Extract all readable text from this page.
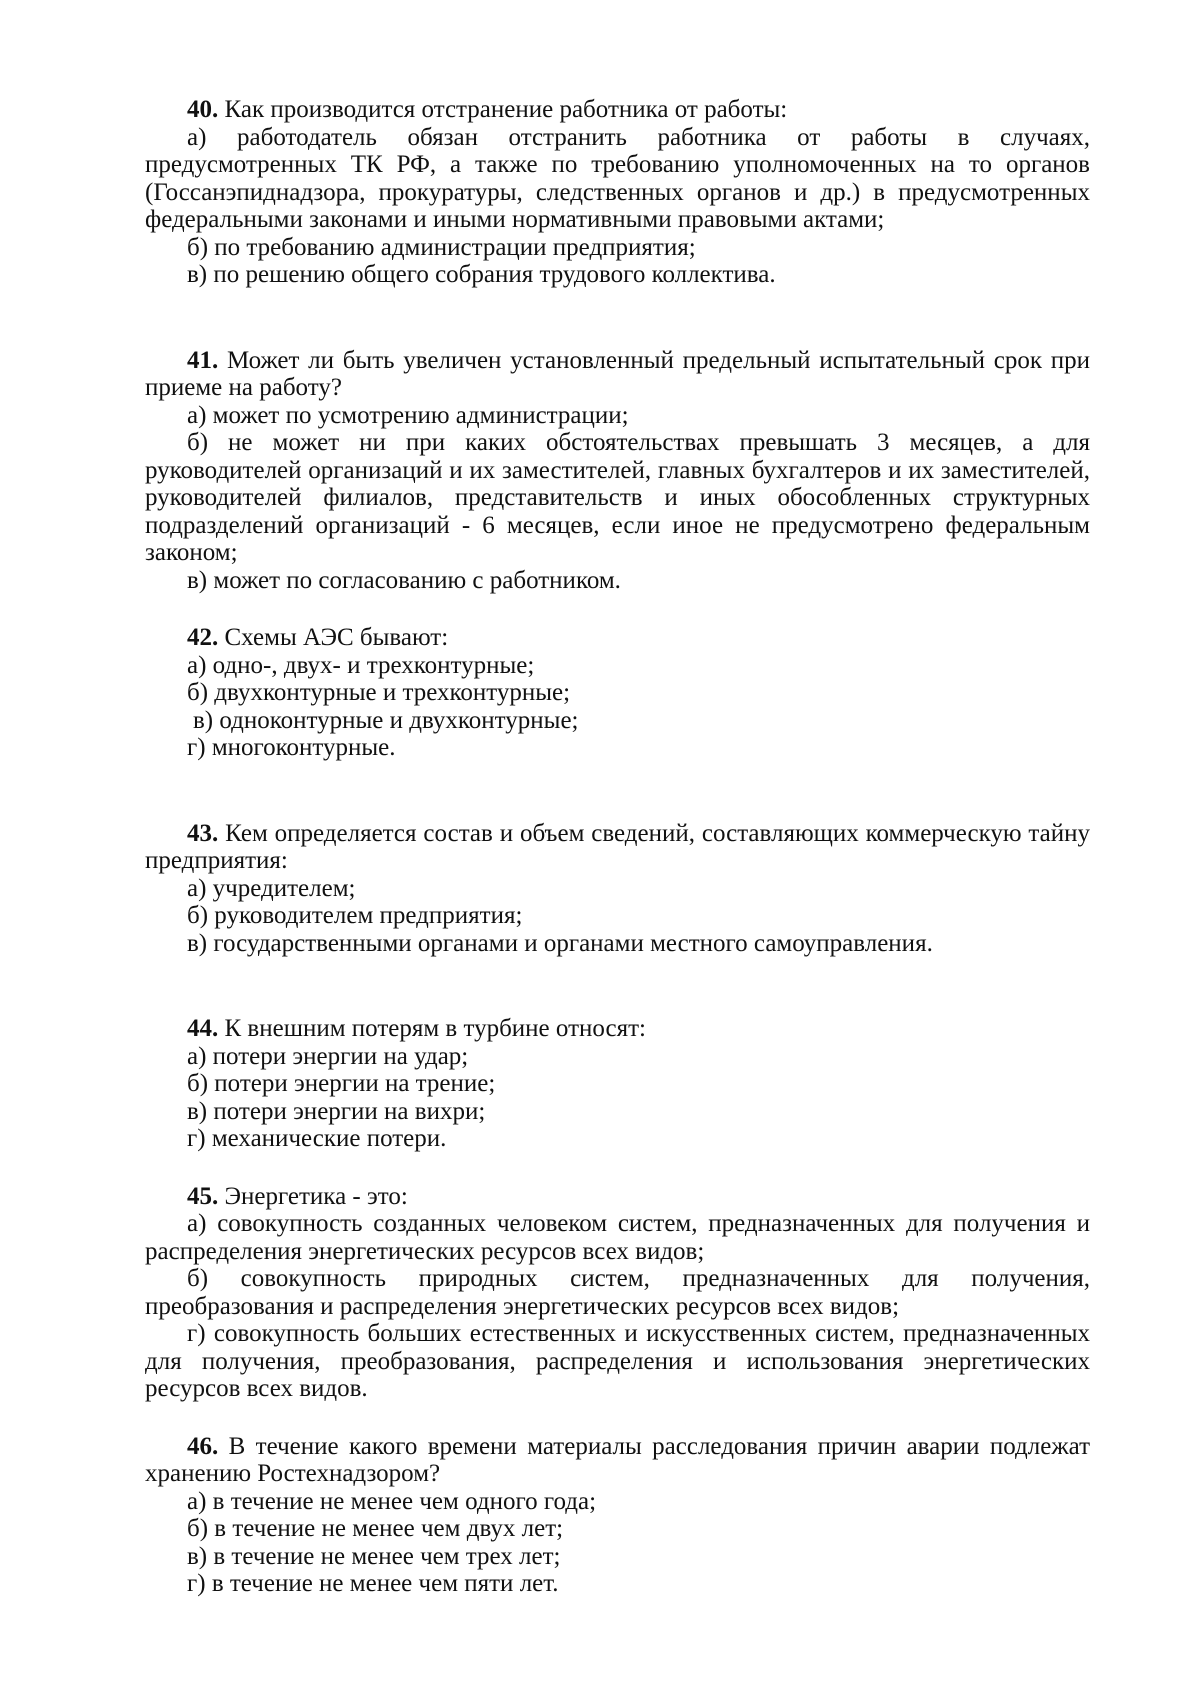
40. Как производится отстранение работника от работы:

а) работодатель обязан отстранить работника от работы в случаях, предусмотренных ТК РФ, а также по требованию уполномоченных на то органов (Госсанэпиднадзора, прокуратуры, следственных органов и др.) в предусмотренных федеральными законами и иными нормативными правовыми актами;

б) по требованию администрации предприятия;

в) по решению общего собрания трудового коллектива.

41. Может ли быть увеличен установленный предельный испытательный срок при приеме на работу?

а) может по усмотрению администрации;

б) не может ни при каких обстоятельствах превышать 3 месяцев, а для руководителей организаций и их заместителей, главных бухгалтеров и их заместителей, руководителей филиалов, представительств и иных обособленных структурных подразделений организаций - 6 месяцев, если иное не предусмотрено федеральным законом;

в) может по согласованию с работником.

42. Схемы АЭС бывают:

а) одно-, двух- и трехконтурные;

б) двухконтурные и трехконтурные;

в) одноконтурные и двухконтурные;

г) многоконтурные.

43. Кем определяется состав и объем сведений, составляющих коммерческую тайну предприятия:

а) учредителем;

б) руководителем предприятия;

в) государственными органами и органами местного самоуправления.

44. К внешним потерям в турбине относят:

а) потери энергии на удар;

б) потери энергии на трение;

в) потери энергии на вихри;

г) механические потери.

45. Энергетика - это:

а) совокупность созданных человеком систем, предназначенных для получения и распределения энергетических ресурсов всех видов;

б) совокупность природных систем, предназначенных для получения, преобразования и распределения энергетических ресурсов всех видов;

г) совокупность больших естественных и искусственных систем, предназначенных для получения, преобразования, распределения и использования энергетических ресурсов всех видов.

46. В течение какого времени материалы расследования причин аварии подлежат хранению Ростехнадзором?

а) в течение не менее чем одного года;

б) в течение не менее чем двух лет;

в) в течение не менее чем трех лет;

г) в течение не менее чем пяти лет.
